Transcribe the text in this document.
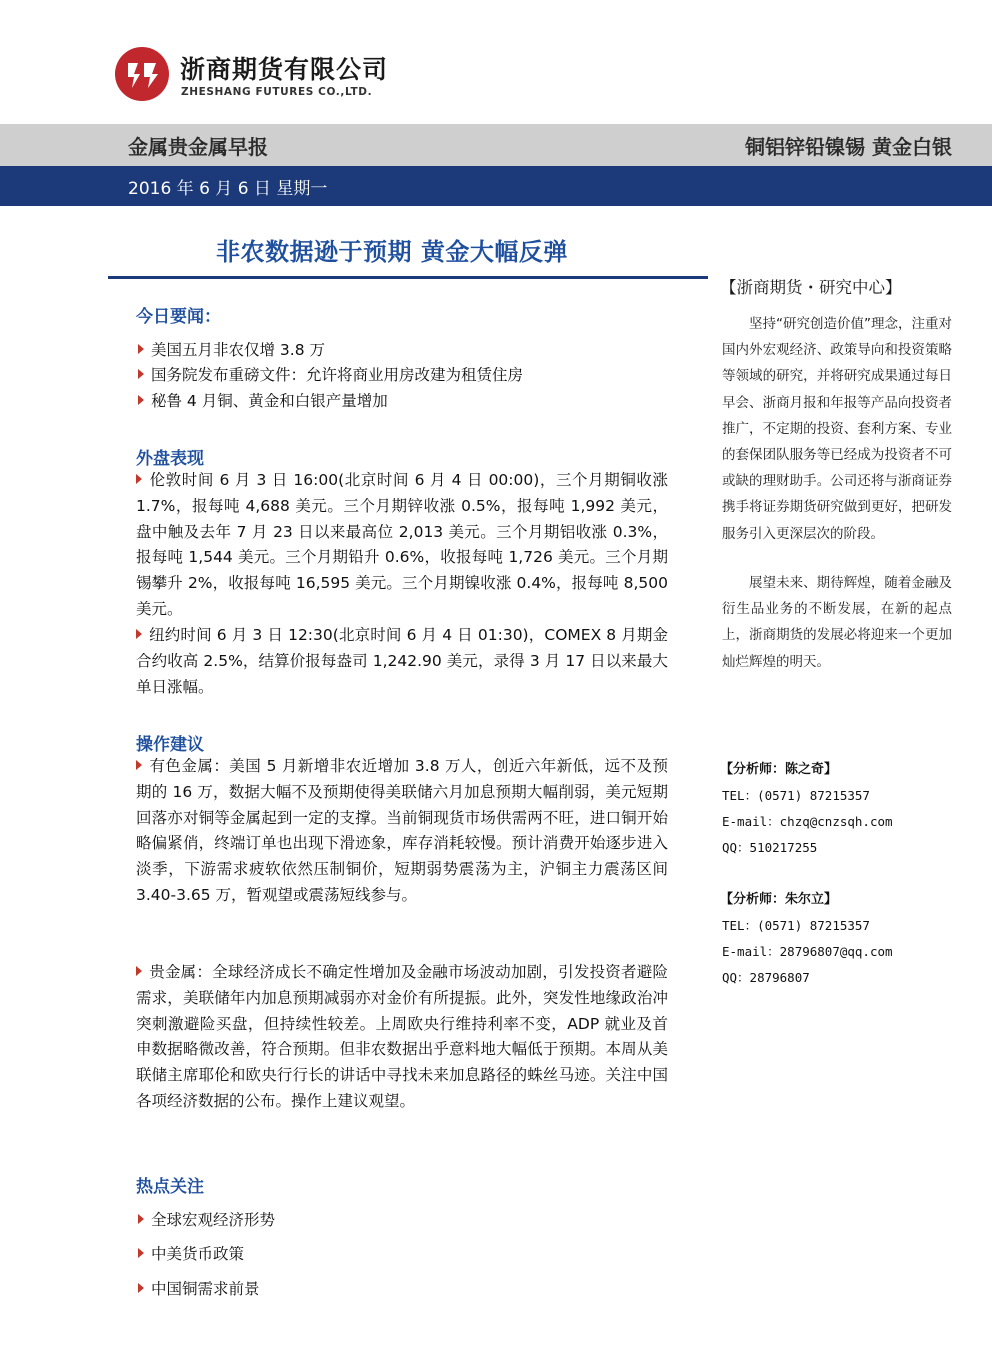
浙商期货有限公司
ZHESHANG FUTURES CO.,LTD.
金属贵金属早报	铜铝锌铅镍锡 黄金白银
2016 年 6 月 6 日 星期一
非农数据逊于预期 黄金大幅反弹
今日要闻：
美国五月非农仅增 3.8 万
国务院发布重磅文件：允许将商业用房改建为租赁住房
秘鲁 4 月铜、黄金和白银产量增加
外盘表现
伦敦时间 6 月 3 日 16:00(北京时间 6 月 4 日 00:00)，三个月期铜收涨 1.7%，报每吨 4,688 美元。三个月期锌收涨 0.5%，报每吨 1,992 美元，盘中触及去年 7 月 23 日以来最高位 2,013 美元。三个月期铝收涨 0.3%，报每吨 1,544 美元。三个月期铅升 0.6%，收报每吨 1,726 美元。三个月期锡攀升 2%，收报每吨 16,595 美元。三个月期镍收涨 0.4%，报每吨 8,500 美元。
纽约时间 6 月 3 日 12:30(北京时间 6 月 4 日 01:30)，COMEX 8 月期金合约收高 2.5%，结算价报每盎司 1,242.90 美元，录得 3 月 17 日以来最大单日涨幅。
操作建议
有色金属：美国 5 月新增非农近增加 3.8 万人，创近六年新低，远不及预期的 16 万，数据大幅不及预期使得美联储六月加息预期大幅削弱，美元短期回落亦对铜等金属起到一定的支撑。当前铜现货市场供需两不旺，进口铜开始略偏紧俏，终端订单也出现下滑迹象，库存消耗较慢。预计消费开始逐步进入淡季，下游需求疲软依然压制铜价，短期弱势震荡为主，沪铜主力震荡区间 3.40-3.65 万，暂观望或震荡短线参与。
贵金属：全球经济成长不确定性增加及金融市场波动加剧，引发投资者避险需求，美联储年内加息预期减弱亦对金价有所提振。此外，突发性地缘政治冲突刺激避险买盘，但持续性较差。上周欧央行维持利率不变，ADP 就业及首申数据略微改善，符合预期。但非农数据出乎意料地大幅低于预期。本周从美联储主席耶伦和欧央行行长的讲话中寻找未来加息路径的蛛丝马迹。关注中国各项经济数据的公布。操作上建议观望。
热点关注
全球宏观经济形势
中美货币政策
中国铜需求前景
【浙商期货・研究中心】
坚持“研究创造价值”理念，注重对国内外宏观经济、政策导向和投资策略等领域的研究，并将研究成果通过每日早会、浙商月报和年报等产品向投资者推广，不定期的投资、套利方案、专业的套保团队服务等已经成为投资者不可或缺的理财助手。公司还将与浙商证券携手将证券期货研究做到更好，把研发服务引入更深层次的阶段。
展望未来、期待辉煌，随着金融及衍生品业务的不断发展，在新的起点上，浙商期货的发展必将迎来一个更加灿烂辉煌的明天。
【分析师：陈之奇】
TEL：(0571) 87215357
E-mail：chzq@cnzsqh.com
QQ：510217255
【分析师：朱尔立】
TEL：(0571) 87215357
E-mail：28796807@qq.com
QQ：28796807
